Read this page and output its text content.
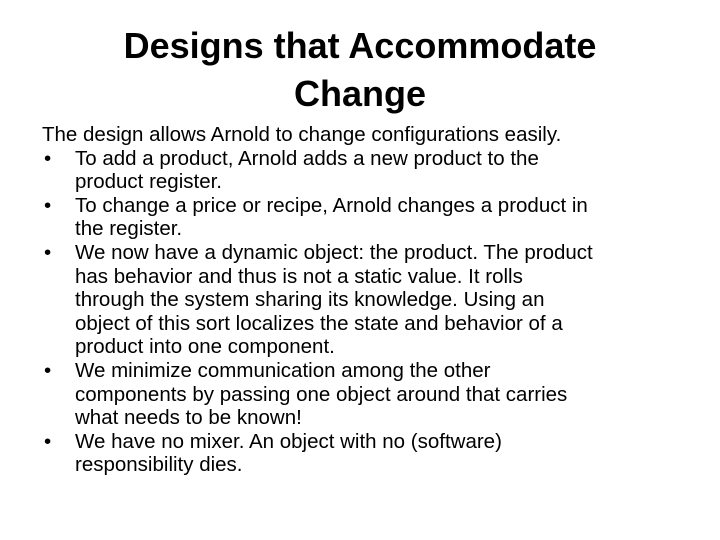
Designs that Accommodate
Change

The design allows Arnold to change configurations easily.

• To add a product, Arnold adds a new product to the
product register.
• To change a price or recipe, Arnold changes a product in
the register.
• We now have a dynamic object: the product. The product
has behavior and thus is not a static value. It rolls
through the system sharing its knowledge. Using an
object of this sort localizes the state and behavior of a
product into one component.
• We minimize communication among the other
components by passing one object around that carries
what needs to be known!
• We have no mixer. An object with no (software)
responsibility dies.
